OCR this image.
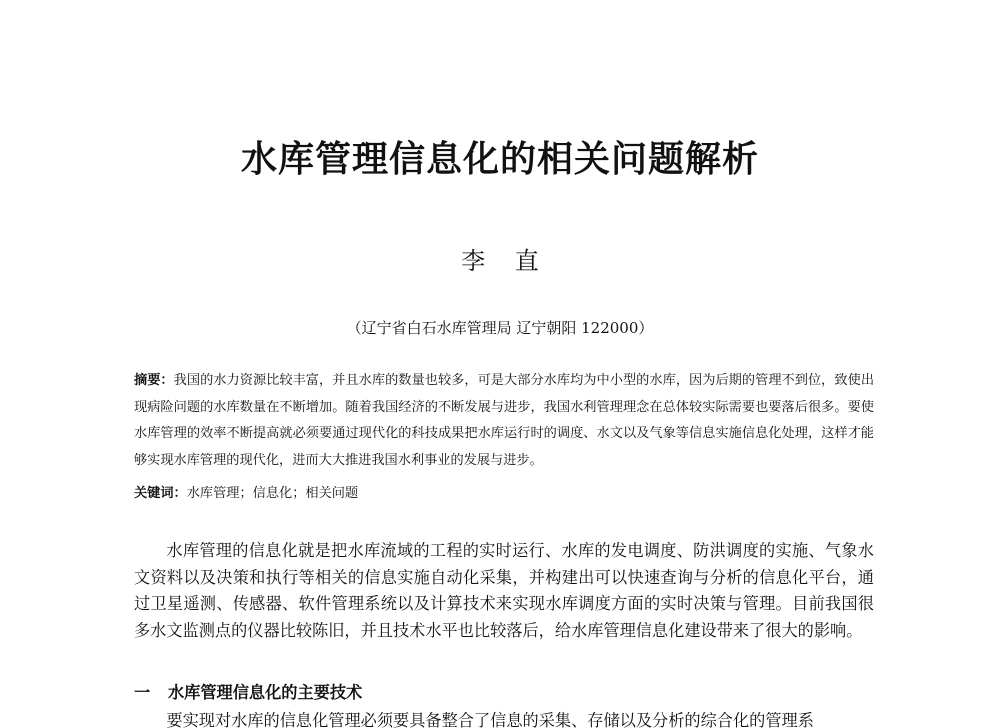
水库管理信息化的相关问题解析
李 直
（辽宁省白石水库管理局 辽宁朝阳 122000）
摘要：我国的水力资源比较丰富，并且水库的数量也较多，可是大部分水库均为中小型的水库，因为后期的管理不到位，致使出现病险问题的水库数量在不断增加。随着我国经济的不断发展与进步，我国水利管理理念在总体较实际需要也要落后很多。要使水库管理的效率不断提高就必须要通过现代化的科技成果把水库运行时的调度、水文以及气象等信息实施信息化处理，这样才能够实现水库管理的现代化，进而大大推进我国水利事业的发展与进步。
关键词：水库管理；信息化；相关问题

水库管理的信息化就是把水库流域的工程的实时运行、水库的发电调度、防洪调度的实施、气象水文资料以及决策和执行等相关的信息实施自动化采集，并构建出可以快速查询与分析的信息化平台，通过卫星遥测、传感器、软件管理系统以及计算技术来实现水库调度方面的实时决策与管理。目前我国很多水文监测点的仪器比较陈旧，并且技术水平也比较落后，给水库管理信息化建设带来了很大的影响。

一 水库管理信息化的主要技术

要实现对水库的信息化管理必须要具备整合了信息的采集、存储以及分析的综合化的管理系
